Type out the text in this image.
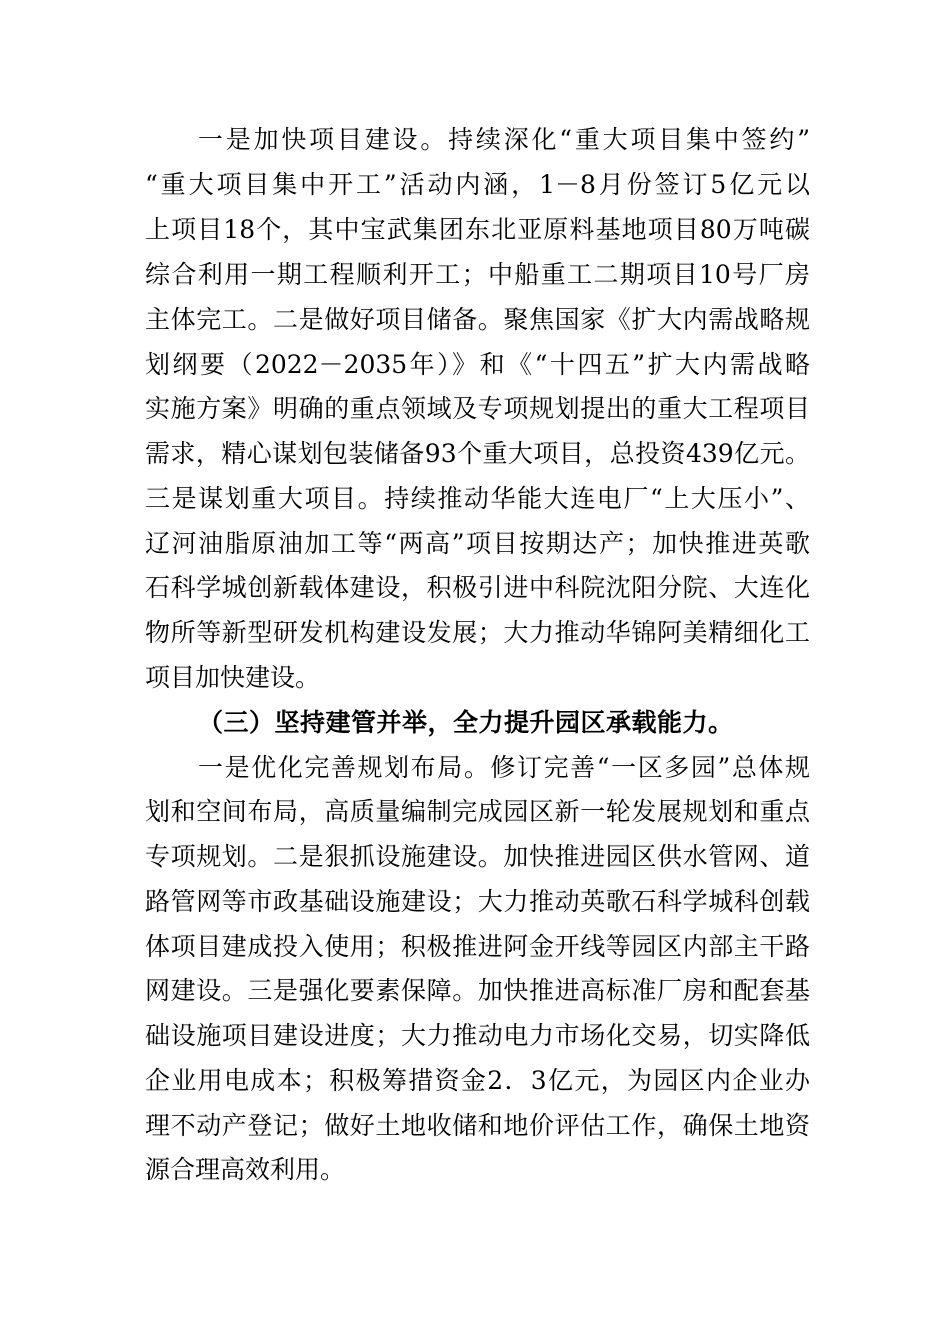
一是加快项目建设。持续深化“重大项目集中签约”
“重大项目集中开工”活动内涵，1－8月份签订5亿元以
上项目18个，其中宝武集团东北亚原料基地项目80万吨碳
综合利用一期工程顺利开工；中船重工二期项目10号厂房
主体完工。二是做好项目储备。聚焦国家《扩大内需战略规
划纲要（2022－2035年）》和《“十四五”扩大内需战略
实施方案》明确的重点领域及专项规划提出的重大工程项目
需求，精心谋划包装储备93个重大项目，总投资439亿元。
三是谋划重大项目。持续推动华能大连电厂“上大压小”、
辽河油脂原油加工等“两高”项目按期达产；加快推进英歌
石科学城创新载体建设，积极引进中科院沈阳分院、大连化
物所等新型研发机构建设发展；大力推动华锦阿美精细化工
项目加快建设。
（三）坚持建管并举，全力提升园区承载能力。
一是优化完善规划布局。修订完善“一区多园”总体规
划和空间布局，高质量编制完成园区新一轮发展规划和重点
专项规划。二是狠抓设施建设。加快推进园区供水管网、道
路管网等市政基础设施建设；大力推动英歌石科学城科创载
体项目建成投入使用；积极推进阿金开线等园区内部主干路
网建设。三是强化要素保障。加快推进高标准厂房和配套基
础设施项目建设进度；大力推动电力市场化交易，切实降低
企业用电成本；积极筹措资金2．3亿元，为园区内企业办
理不动产登记；做好土地收储和地价评估工作，确保土地资
源合理高效利用。
